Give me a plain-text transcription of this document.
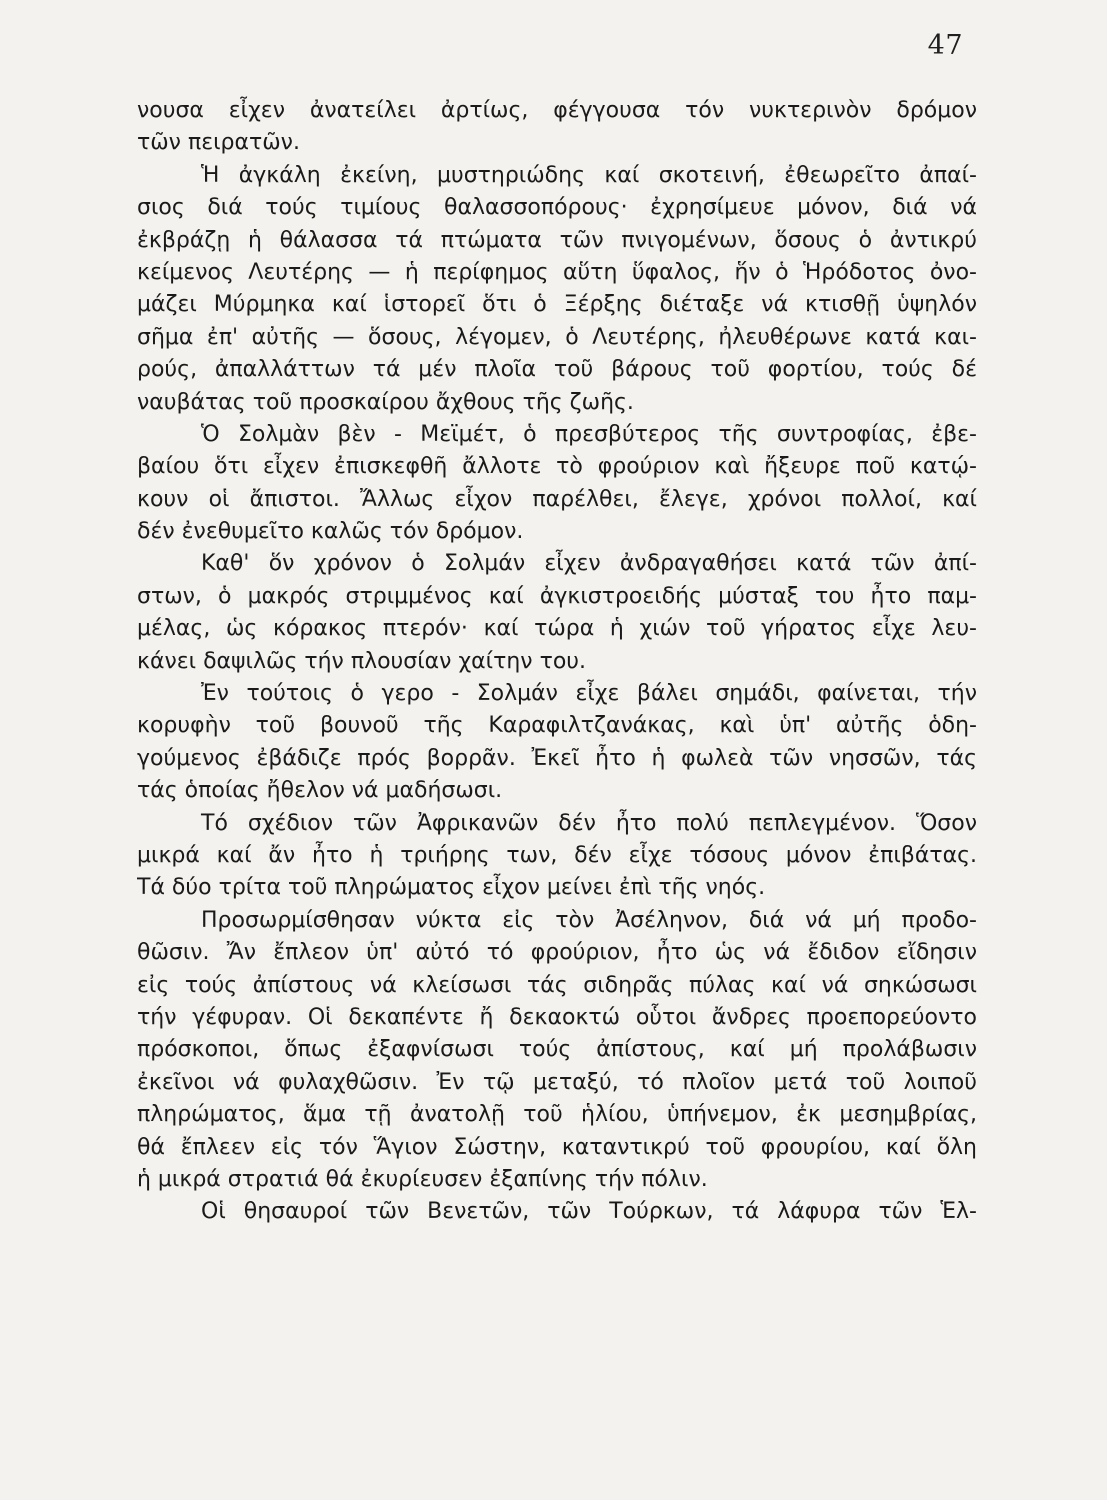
47
νουσα εἶχεν ἀνατείλει ἀρτίως, φέγγουσα τόν νυκτερινὸν δρόμον
τῶν πειρατῶν.
Ἡ ἀγκάλη ἐκείνη, μυστηριώδης καί σκοτεινή, ἐθεωρεῖτο ἀπαί-
σιος διά τούς τιμίους θαλασσοπόρους· ἐχρησίμευε μόνον, διά νά
ἐκβράζῃ ἡ θάλασσα τά πτώματα τῶν πνιγομένων, ὅσους ὁ ἀντικρύ
κείμενος Λευτέρης — ἡ περίφημος αὕτη ὕφαλος, ἥν ὁ Ἡρόδοτος ὀνο-
μάζει Μύρμηκα καί ἱστορεῖ ὅτι ὁ Ξέρξης διέταξε νά κτισθῇ ὑψηλόν
σῆμα ἐπ' αὐτῆς — ὅσους, λέγομεν, ὁ Λευτέρης, ἠλευθέρωνε κατά και-
ρούς, ἀπαλλάττων τά μέν πλοῖα τοῦ βάρους τοῦ φορτίου, τούς δέ
ναυβάτας τοῦ προσκαίρου ἄχθους τῆς ζωῆς.
Ὁ Σολμὰν βὲν - Μεϊμέτ, ὁ πρεσβύτερος τῆς συντροφίας, ἐβε-
βαίου ὅτι εἶχεν ἐπισκεφθῆ ἄλλοτε τὸ φρούριον καὶ ἤξευρε ποῦ κατῴ-
κουν οἱ ἄπιστοι. Ἄλλως εἶχον παρέλθει, ἔλεγε, χρόνοι πολλοί, καί
δέν ἐνεθυμεῖτο καλῶς τόν δρόμον.
Καθ' ὅν χρόνον ὁ Σολμάν εἶχεν ἀνδραγαθήσει κατά τῶν ἀπί-
στων, ὁ μακρός στριμμένος καί ἀγκιστροειδής μύσταξ του ἦτο παμ-
μέλας, ὡς κόρακος πτερόν· καί τώρα ἡ χιών τοῦ γήρατος εἶχε λευ-
κάνει δαψιλῶς τήν πλουσίαν χαίτην του.
Ἐν τούτοις ὁ γερο - Σολμάν εἶχε βάλει σημάδι, φαίνεται, τήν
κορυφὴν τοῦ βουνοῦ τῆς Καραφιλτζανάκας, καὶ ὑπ' αὐτῆς ὁδη-
γούμενος ἐβάδιζε πρός βορρᾶν. Ἐκεῖ ἦτο ἡ φωλεὰ τῶν νησσῶν, τάς
τάς ὁποίας ἤθελον νά μαδήσωσι.
Τό σχέδιον τῶν Ἀφρικανῶν δέν ἦτο πολύ πεπλεγμένον. Ὅσον
μικρά καί ἄν ἦτο ἡ τριήρης των, δέν εἶχε τόσους μόνον ἐπιβάτας.
Τά δύο τρίτα τοῦ πληρώματος εἶχον μείνει ἐπὶ τῆς νηός.
Προσωρμίσθησαν νύκτα εἰς τὸν Ἀσέληνον, διά νά μή προδο-
θῶσιν. Ἄν ἔπλεον ὑπ' αὐτό τό φρούριον, ἦτο ὡς νά ἔδιδον εἴδησιν
εἰς τούς ἀπίστους νά κλείσωσι τάς σιδηρᾶς πύλας καί νά σηκώσωσι
τήν γέφυραν. Οἱ δεκαπέντε ἤ δεκαοκτώ οὗτοι ἄνδρες προεπορεύοντο
πρόσκοποι, ὅπως ἐξαφνίσωσι τούς ἀπίστους, καί μή προλάβωσιν
ἐκεῖνοι νά φυλαχθῶσιν. Ἐν τῷ μεταξύ, τό πλοῖον μετά τοῦ λοιποῦ
πληρώματος, ἅμα τῇ ἀνατολῇ τοῦ ἡλίου, ὑπήνεμον, ἐκ μεσημβρίας,
θά ἔπλεεν εἰς τόν Ἅγιον Σώστην, καταντικρύ τοῦ φρουρίου, καί ὅλη
ἡ μικρά στρατιά θά ἐκυρίευσεν ἐξαπίνης τήν πόλιν.
Οἱ θησαυροί τῶν Βενετῶν, τῶν Τούρκων, τά λάφυρα τῶν Ἑλ-
